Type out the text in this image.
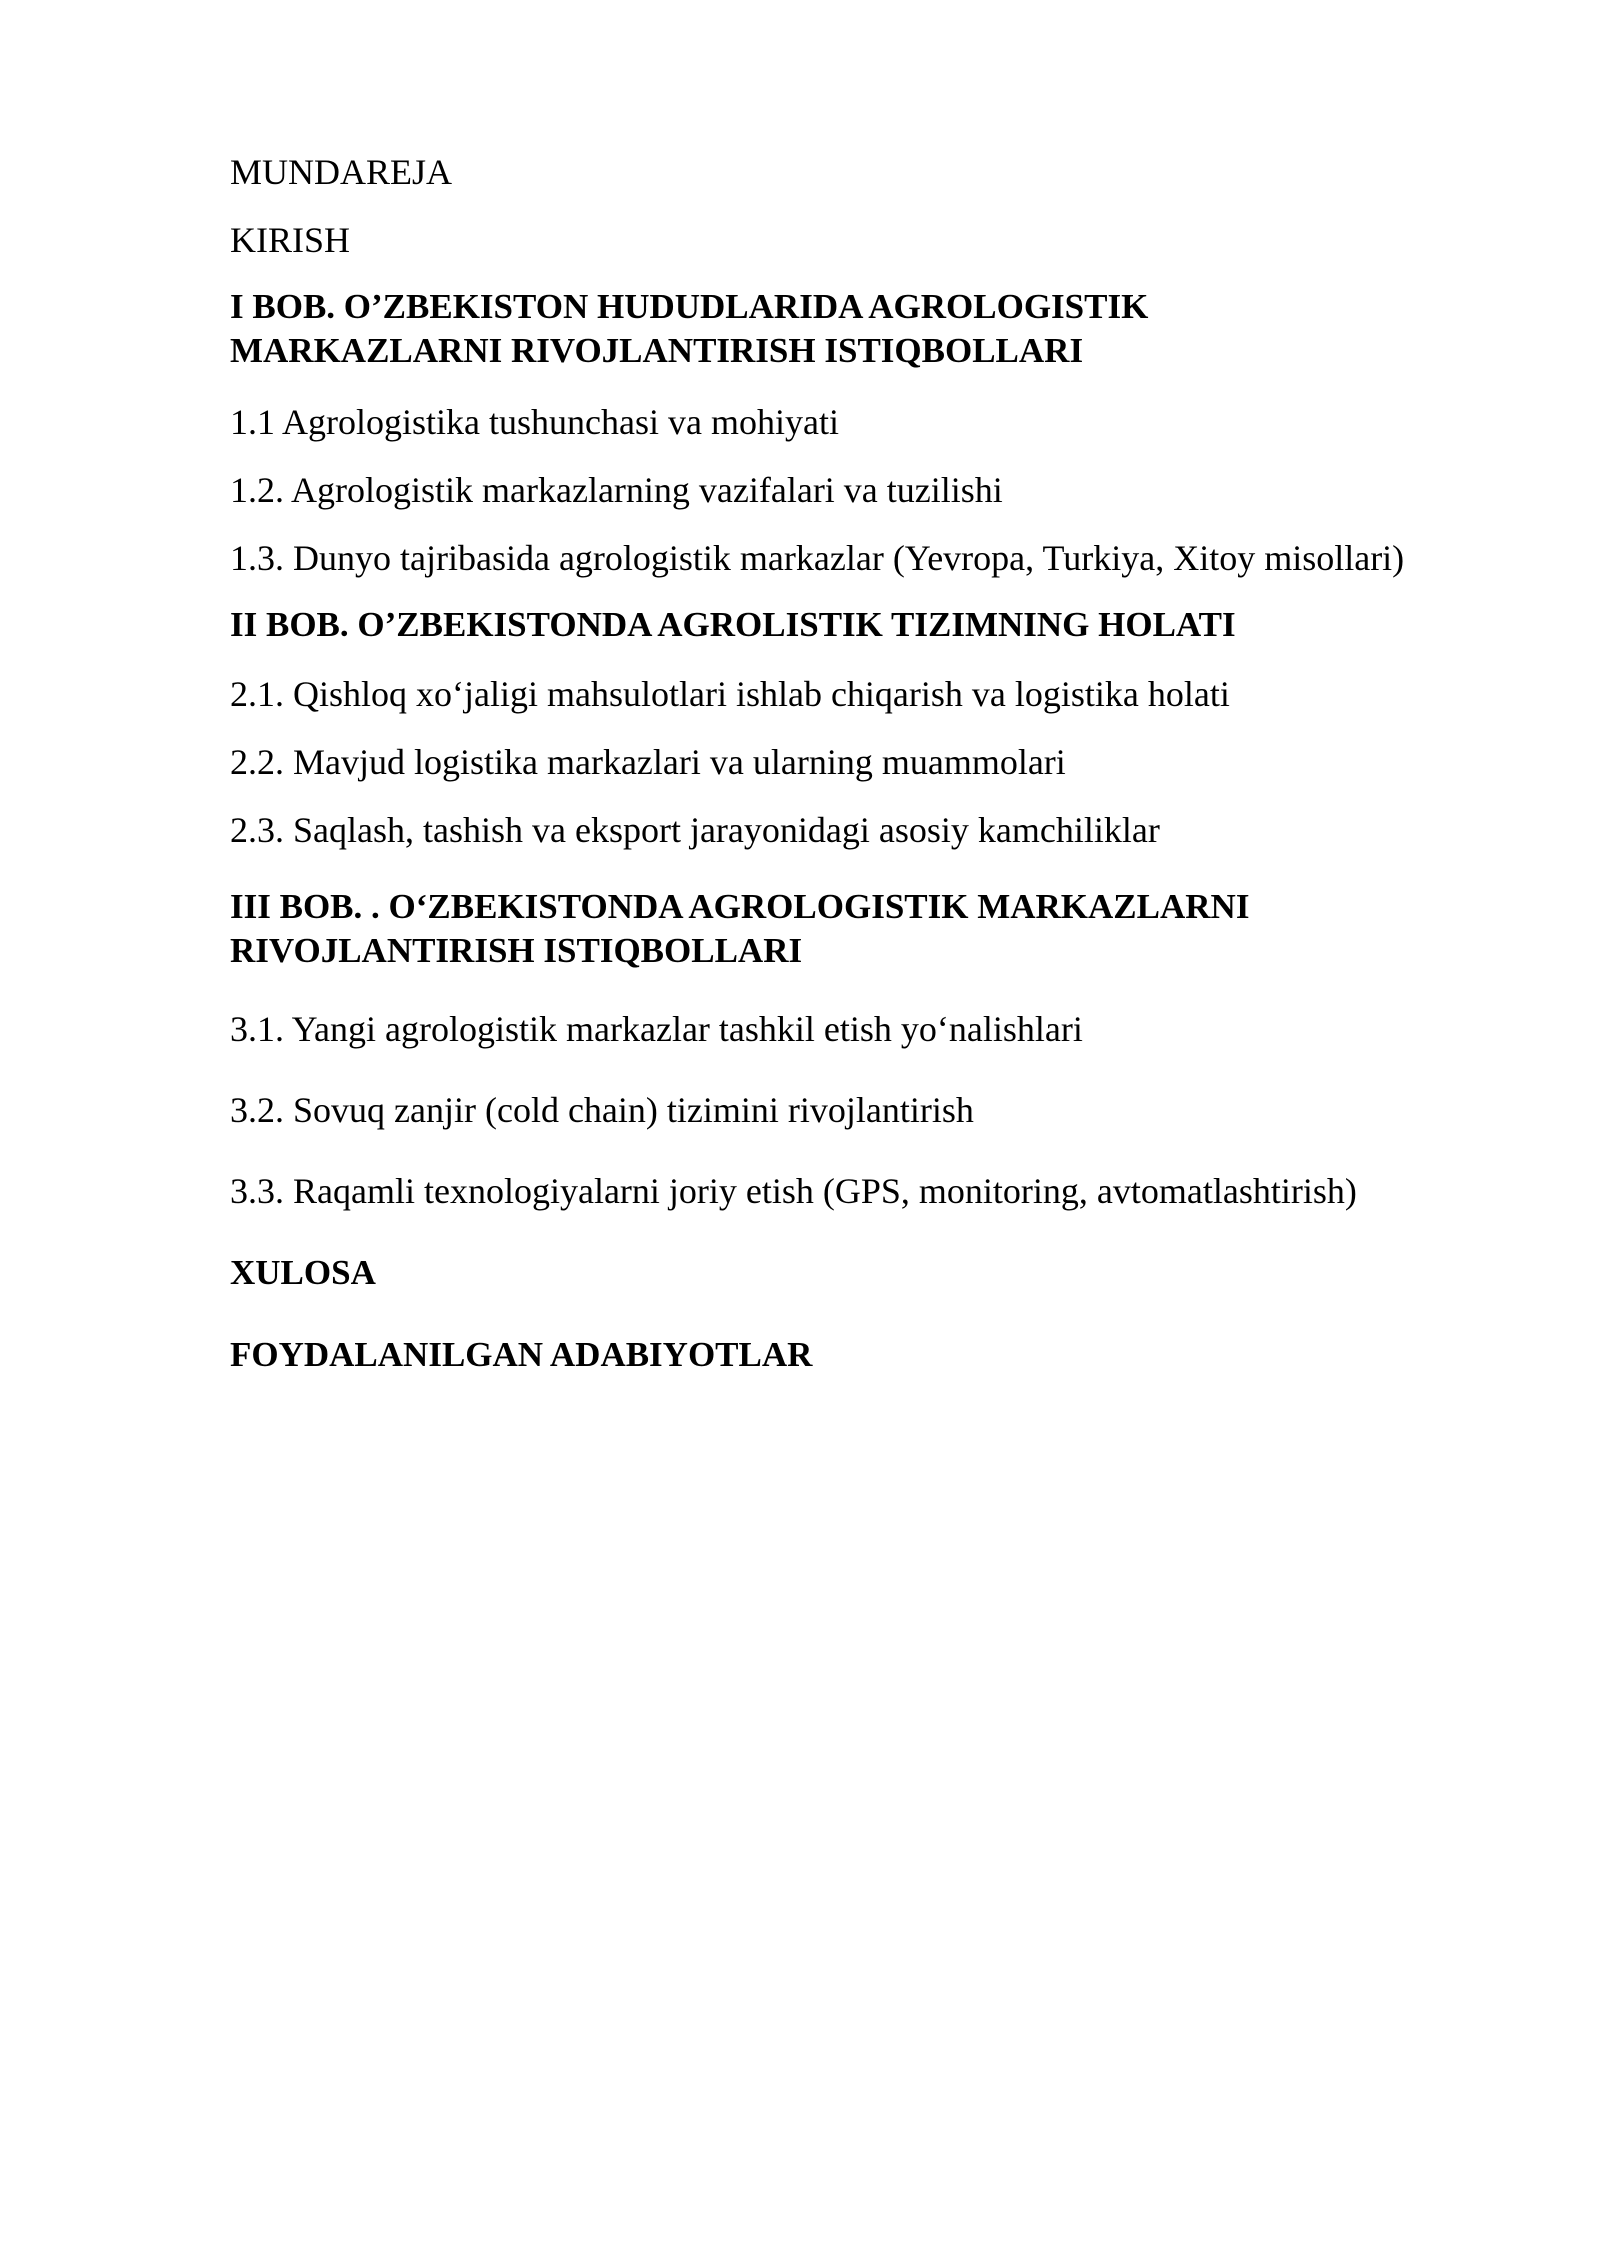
MUNDAREJA

KIRISH

I BOB. O’ZBEKISTON HUDUDLARIDA AGROLOGISTIK MARKAZLARNI RIVOJLANTIRISH ISTIQBOLLARI

1.1 Agrologistika tushunchasi va mohiyati

1.2. Agrologistik markazlarning vazifalari va tuzilishi

1.3. Dunyo tajribasida agrologistik markazlar (Yevropa, Turkiya, Xitoy misollari)

II BOB. O’ZBEKISTONDA AGROLISTIK TIZIMNING HOLATI

2.1. Qishloq xo‘jaligi mahsulotlari ishlab chiqarish va logistika holati

2.2. Mavjud logistika markazlari va ularning muammolari

2.3. Saqlash, tashish va eksport jarayonidagi asosiy kamchiliklar

III BOB. . O‘ZBEKISTONDA AGROLOGISTIK MARKAZLARNI RIVOJLANTIRISH ISTIQBOLLARI

3.1. Yangi agrologistik markazlar tashkil etish yo‘nalishlari

3.2. Sovuq zanjir (cold chain) tizimini rivojlantirish

3.3. Raqamli texnologiyalarni joriy etish (GPS, monitoring, avtomatlashtirish)

XULOSA

FOYDALANILGAN ADABIYOTLAR
